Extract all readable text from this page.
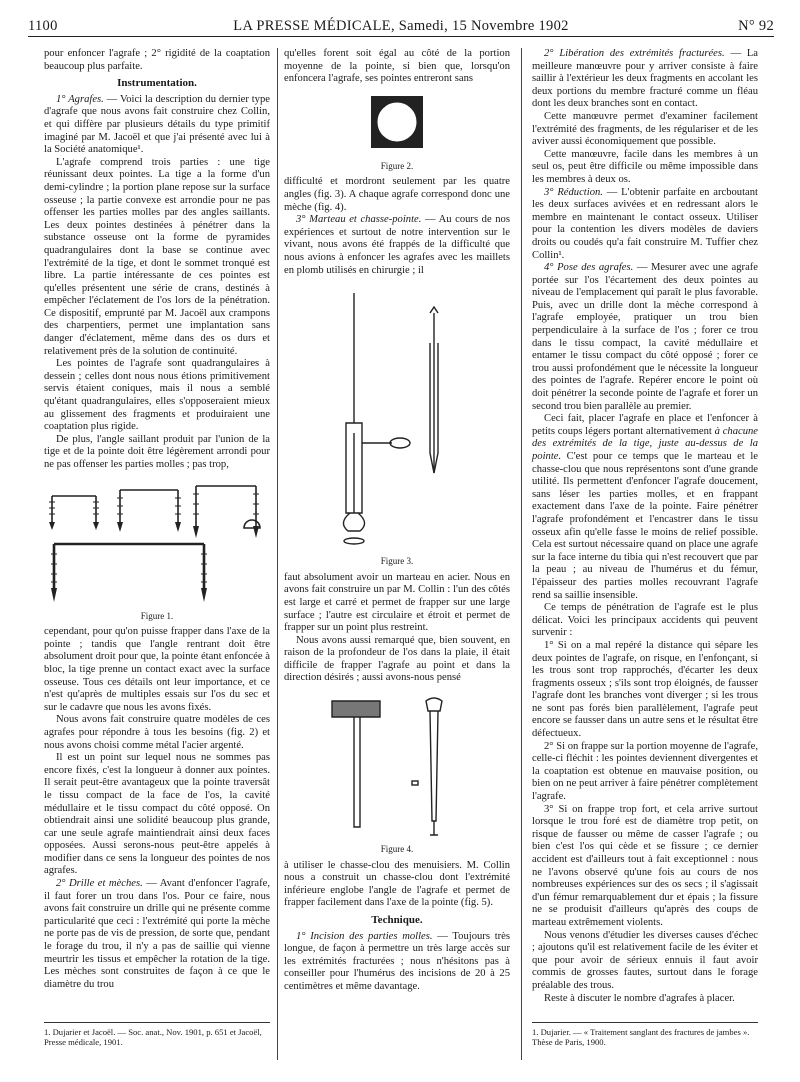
1100	LA PRESSE MÉDICALE, Samedi, 15 Novembre 1902	N° 92

pour enfoncer l'agrafe ; 2° rigidité de la coaptation beaucoup plus parfaite.

Instrumentation.

1° Agrafes. — Voici la description du dernier type d'agrafe que nous avons fait construire chez Collin, et qui diffère par plusieurs détails du type primitif imaginé par M. Jacoël et que j'ai présenté avec lui à la Société anatomique¹.

L'agrafe comprend trois parties : une tige réunissant deux pointes. La tige a la forme d'un demi-cylindre ; la portion plane repose sur la surface osseuse ; la partie convexe est arrondie pour ne pas offenser les parties molles par des angles saillants. Les deux pointes destinées à pénétrer dans la substance osseuse ont la forme de pyramides quadrangulaires dont la base se continue avec l'extrémité de la tige, et dont le sommet tronqué est libre. La partie intéressante de ces pointes est qu'elles présentent une série de crans, destinés à empêcher l'éclatement de l'os lors de la pénétration. Ce dispositif, emprunté par M. Jacoël aux crampons des charpentiers, permet une implantation sans danger d'éclatement, même dans des os durs et relativement près de la solution de continuité.

Les pointes de l'agrafe sont quadrangulaires à dessein ; celles dont nous nous étions primitivement servis étaient coniques, mais il nous a semblé qu'étant quadrangulaires, elles s'opposeraient mieux au glissement des fragments et produiraient une coaptation plus rigide.

De plus, l'angle saillant produit par l'union de la tige et de la pointe doit être légèrement arrondi pour ne pas offenser les parties molles ; pas trop,

Figure 1.

cependant, pour qu'on puisse frapper dans l'axe de la pointe ; tandis que l'angle rentrant doit être absolument droit pour que, la pointe étant enfoncée à bloc, la tige prenne un contact exact avec la surface osseuse. Tous ces détails ont leur importance, et ce n'est qu'après de multiples essais sur l'os du sec et sur le cadavre que nous les avons fixés.

Nous avons fait construire quatre modèles de ces agrafes pour répondre à tous les besoins (fig. 2) et nous avons choisi comme métal l'acier argenté.

Il est un point sur lequel nous ne sommes pas encore fixés, c'est la longueur à donner aux pointes. Il serait peut-être avantageux que la pointe traversât le tissu compact de la face de l'os, la cavité médullaire et le tissu compact du côté opposé. On obtiendrait ainsi une solidité beaucoup plus grande, car une seule agrafe maintiendrait ainsi deux faces opposées. Aussi serons-nous peut-être appelés à modifier dans ce sens la longueur des pointes de nos agrafes.

2° Drille et mèches. — Avant d'enfoncer l'agrafe, il faut forer un trou dans l'os. Pour ce faire, nous avons fait construire un drille qui ne présente comme particularité que ceci : l'extrémité qui porte la mèche ne porte pas de vis de pression, de sorte que, pendant le forage du trou, il n'y a pas de saillie qui vienne meurtrir les tissus et empêcher la rotation de la tige. Les mèches sont construites de façon à ce que le diamètre du trou

1. Dujarier et Jacoël. — Soc. anat., Nov. 1901, p. 651 et Jacoël, Presse médicale, 1901.

qu'elles forent soit égal au côté de la portion moyenne de la pointe, si bien que, lorsqu'on enfoncera l'agrafe, ses pointes entreront sans

Figure 2.

difficulté et mordront seulement par les quatre angles (fig. 3). A chaque agrafe correspond donc une mèche (fig. 4).

3° Marteau et chasse-pointe. — Au cours de nos expériences et surtout de notre intervention sur le vivant, nous avons été frappés de la difficulté que nous avions à enfoncer les agrafes avec les maillets en plomb utilisés en chirurgie ; il

Figure 3.

faut absolument avoir un marteau en acier. Nous en avons fait construire un par M. Collin : l'un des côtés est large et carré et permet de frapper sur une large surface ; l'autre est circulaire et étroit et permet de frapper sur un point plus restreint.

Nous avons aussi remarqué que, bien souvent, en raison de la profondeur de l'os dans la plaie, il était difficile de frapper l'agrafe au point et dans la direction désirés ; aussi avons-nous pensé

Figure 4.

à utiliser le chasse-clou des menuisiers. M. Collin nous a construit un chasse-clou dont l'extrémité inférieure englobe l'angle de l'agrafe et permet de frapper facilement dans l'axe de la pointe (fig. 5).

Technique.

1° Incision des parties molles. — Toujours très longue, de façon à permettre un très large accès sur les extrémités fracturées ; nous n'hésitons pas à conseiller pour l'humérus des incisions de 20 à 25 centimètres et même davantage.

2° Libération des extrémités fracturées. — La meilleure manœuvre pour y arriver consiste à faire saillir à l'extérieur les deux fragments en accolant les deux portions du membre fracturé comme un fléau dont les deux branches sont en contact.

Cette manœuvre permet d'examiner facilement l'extrémité des fragments, de les régulariser et de les aviver aussi économiquement que possible.

Cette manœuvre, facile dans les membres à un seul os, peut être difficile ou même impossible dans les membres à deux os.

3° Réduction. — L'obtenir parfaite en arcboutant les deux surfaces avivées et en redressant alors le membre en maintenant le contact osseux. Utiliser pour la contention les divers modèles de daviers droits ou coudés qu'a fait construire M. Tuffier chez Collin¹.

4° Pose des agrafes. — Mesurer avec une agrafe portée sur l'os l'écartement des deux pointes au niveau de l'emplacement qui paraît le plus favorable. Puis, avec un drille dont la mèche correspond à l'agrafe employée, pratiquer un trou bien perpendiculaire à la surface de l'os ; forer ce trou dans le tissu compact, la cavité médullaire et entamer le tissu compact du côté opposé ; forer ce trou aussi profondément que le nécessite la longueur des pointes de l'agrafe. Repérer encore le point où doit pénétrer la seconde pointe de l'agrafe et forer un second trou bien parallèle au premier.

Ceci fait, placer l'agrafe en place et l'enfoncer à petits coups légers portant alternativement à chacune des extrémités de la tige, juste au-dessus de la pointe. C'est pour ce temps que le marteau et le chasse-clou que nous représentons sont d'une grande utilité. Ils permettent d'enfoncer l'agrafe doucement, sans léser les parties molles, et en frappant exactement dans l'axe de la pointe. Faire pénétrer l'agrafe profondément et l'encastrer dans le tissu osseux afin qu'elle fasse le moins de relief possible. Cela est surtout nécessaire quand on place une agrafe sur la face interne du tibia qui n'est recouvert que par la peau ; au niveau de l'humérus et du fémur, l'épaisseur des parties molles recouvrant l'agrafe rend sa saillie insensible.

Ce temps de pénétration de l'agrafe est le plus délicat. Voici les principaux accidents qui peuvent survenir :

1° Si on a mal repéré la distance qui sépare les deux pointes de l'agrafe, on risque, en l'enfonçant, si les trous sont trop rapprochés, d'écarter les deux fragments osseux ; s'ils sont trop éloignés, de fausser l'agrafe dont les branches vont diverger ; si les trous ne sont pas forés bien parallèlement, l'agrafe peut encore se fausser dans un autre sens et le résultat être défectueux.

2° Si on frappe sur la portion moyenne de l'agrafe, celle-ci fléchit : les pointes deviennent divergentes et la coaptation est obtenue en mauvaise position, ou bien on ne peut arriver à faire pénétrer complètement l'agrafe.

3° Si on frappe trop fort, et cela arrive surtout lorsque le trou foré est de diamètre trop petit, on risque de fausser ou même de casser l'agrafe ; ou bien c'est l'os qui cède et se fissure ; ce dernier accident est d'ailleurs tout à fait exceptionnel : nous ne l'avons observé qu'une fois au cours de nos nombreuses expériences sur des os secs ; il s'agissait d'un fémur remarquablement dur et épais ; la fissure ne se produisit d'ailleurs qu'après des coups de marteau extrêmement violents.

Nous venons d'étudier les diverses causes d'échec ; ajoutons qu'il est relativement facile de les éviter et que pour avoir de sérieux ennuis il faut avoir commis de grosses fautes, surtout dans le forage préalable des trous.

Reste à discuter le nombre d'agrafes à placer.

1. Dujarier. — « Traitement sanglant des fractures de jambes ». Thèse de Paris, 1900.
